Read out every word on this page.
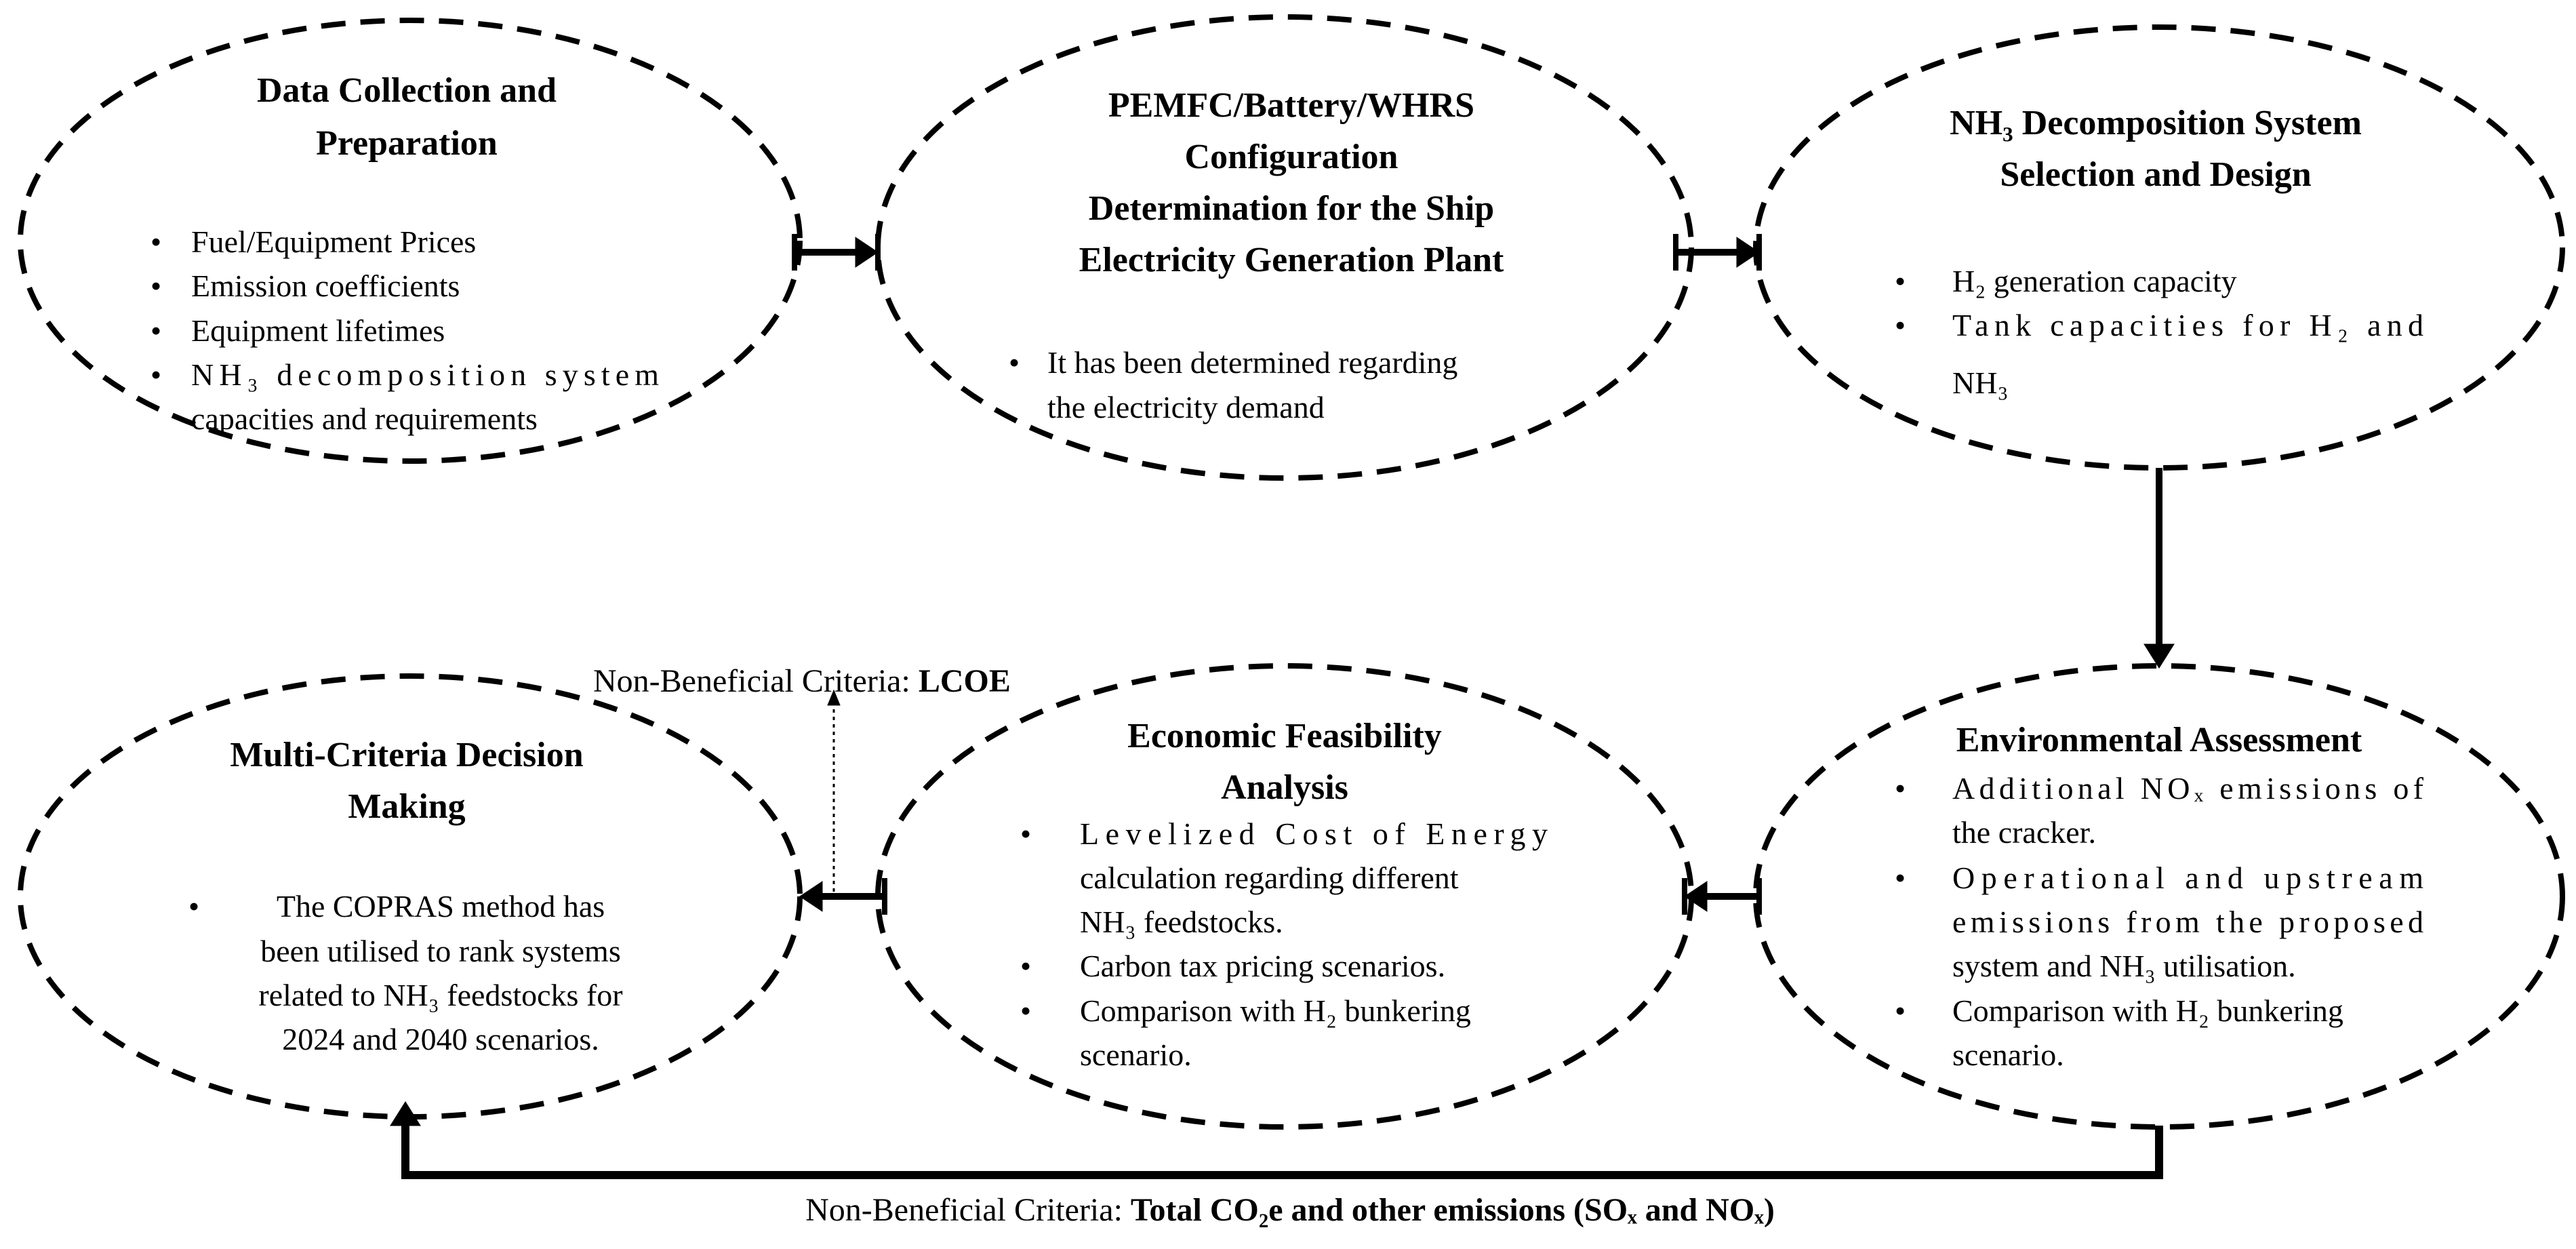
Data Collection and
Preparation
• Fuel/Equipment Prices
• Emission coefficients
• Equipment lifetimes
• NH₃ decomposition system
capacities and requirements
PEMFC/Battery/WHRS
Configuration
Determination for the Ship
Electricity Generation Plant
• It has been determined regarding
the electricity demand
NH₃ Decomposition System
Selection and Design
• H₂ generation capacity
• Tank capacities for H₂ and
NH₃
Environmental Assessment
• Additional NOₓ emissions of
the cracker.
• Operational and upstream
emissions from the proposed
system and NH₃ utilisation.
• Comparison with H₂ bunkering
scenario.
Economic Feasibility
Analysis
• Levelized Cost of Energy
calculation regarding different
NH₃ feedstocks.
• Carbon tax pricing scenarios.
• Comparison with H₂ bunkering
scenario.
Multi-Criteria Decision
Making
• The COPRAS method has
been utilised to rank systems
related to NH₃ feedstocks for
2024 and 2040 scenarios.
Non-Beneficial Criteria: LCOE
Non-Beneficial Criteria: Total CO₂e and other emissions (SOₓ and NOₓ)
